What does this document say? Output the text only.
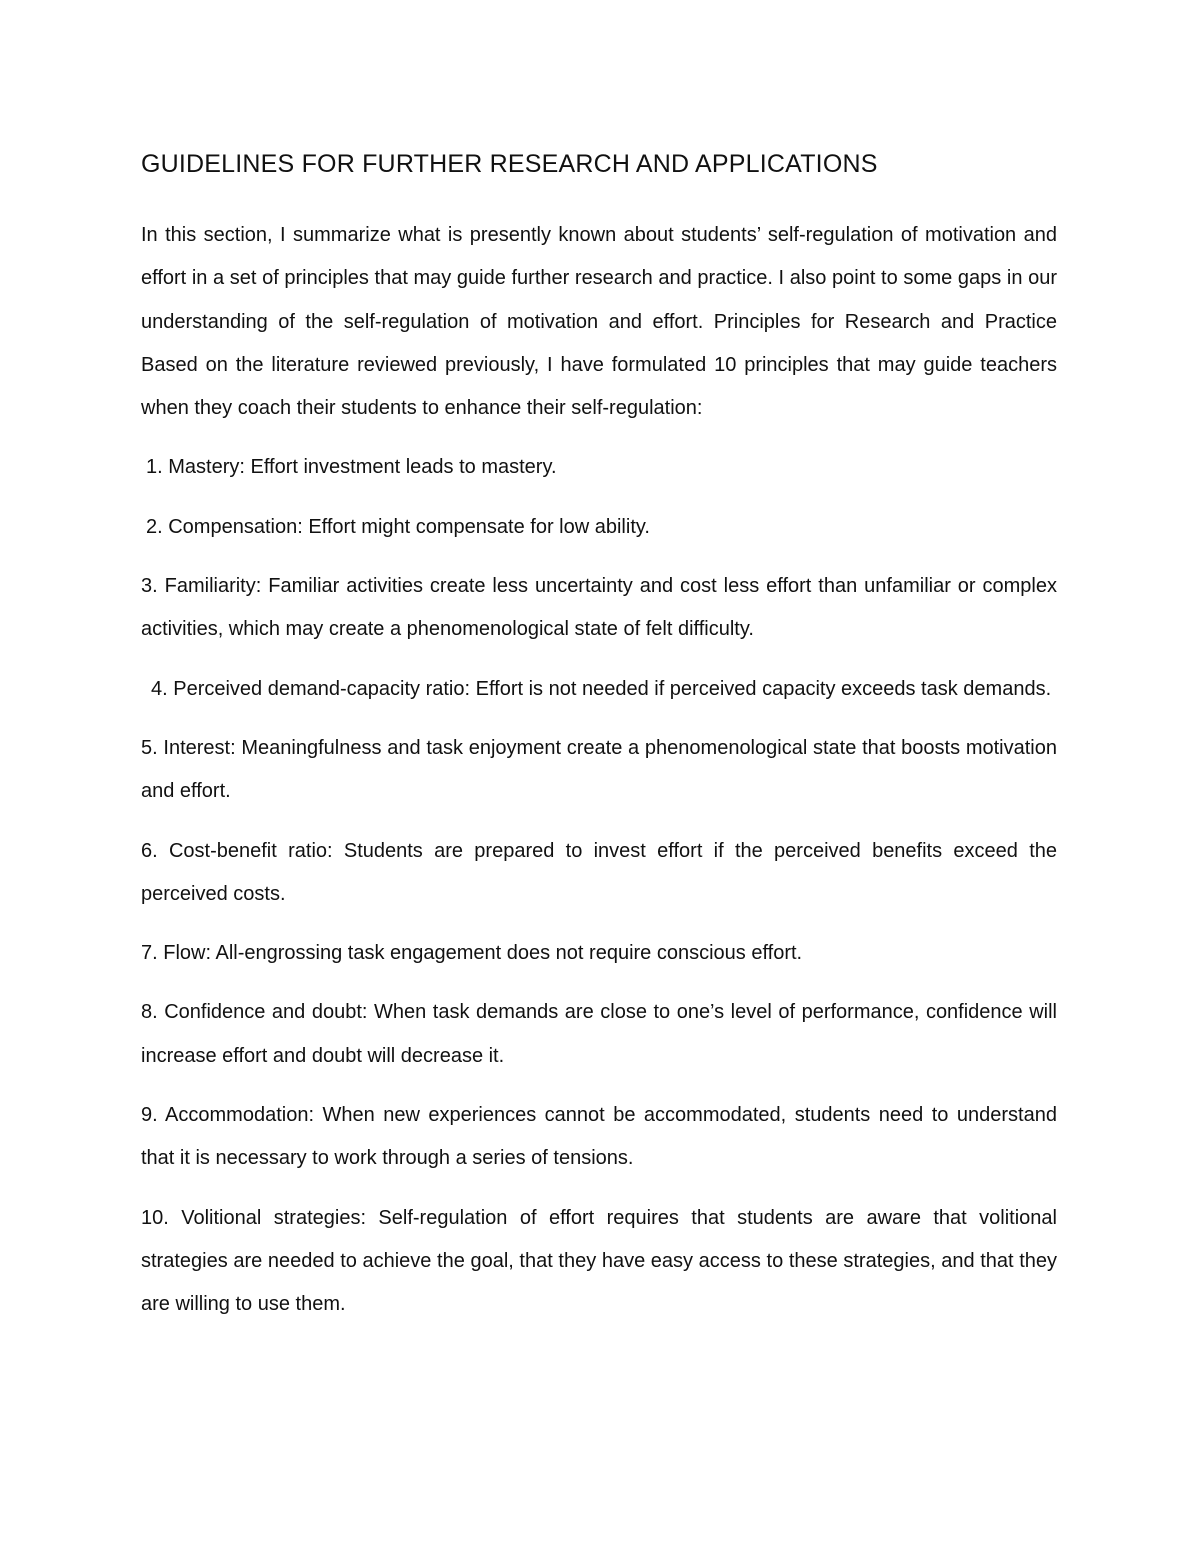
GUIDELINES FOR FURTHER RESEARCH AND APPLICATIONS

In this section, I summarize what is presently known about students’ self-regulation of motivation and effort in a set of principles that may guide further research and practice. I also point to some gaps in our understanding of the self-regulation of motivation and effort. Principles for Research and Practice Based on the literature reviewed previously, I have formulated 10 principles that may guide teachers when they coach their students to enhance their self-regulation:

1. Mastery: Effort investment leads to mastery.

2. Compensation: Effort might compensate for low ability.

3. Familiarity: Familiar activities create less uncertainty and cost less effort than unfamiliar or complex activities, which may create a phenomenological state of felt difficulty.

4. Perceived demand-capacity ratio: Effort is not needed if perceived capacity exceeds task demands.

5. Interest: Meaningfulness and task enjoyment create a phenomenological state that boosts motivation and effort.

6. Cost-benefit ratio: Students are prepared to invest effort if the perceived benefits exceed the perceived costs.

7. Flow: All-engrossing task engagement does not require conscious effort.

8. Confidence and doubt: When task demands are close to one’s level of performance, confidence will increase effort and doubt will decrease it.

9. Accommodation: When new experiences cannot be accommodated, students need to understand that it is necessary to work through a series of tensions.

10. Volitional strategies: Self-regulation of effort requires that students are aware that volitional strategies are needed to achieve the goal, that they have easy access to these strategies, and that they are willing to use them.
